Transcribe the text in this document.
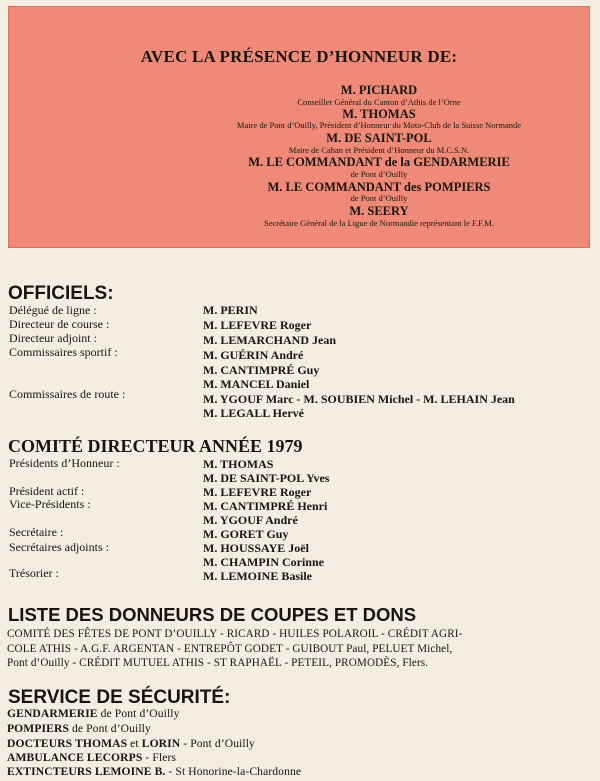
AVEC LA PRÉSENCE D’HONNEUR DE:
M. PICHARD
Conseiller Général du Canton d’Athis de l’Orne
M. THOMAS
Maire de Pont d’Ouilly, Président d’Honneur du Moto-Club de la Suisse Normande
M. DE SAINT-POL
Maire de Cahan et Président d’Honneur du M.C.S.N.
M. LE COMMANDANT de la GENDARMERIE
de Pont d’Ouilly
M. LE COMMANDANT des POMPIERS
de Pont d’Ouilly
M. SEERY
Secrétaire Général de la Ligue de Normandie représentant le F.F.M.
OFFICIELS:
Délégué de ligne :
Directeur de course :
Directeur adjoint :
Commissaires sportif :
Commissaires de route :
M. PERIN
M. LEFEVRE Roger
M. LEMARCHAND Jean
M. GUÉRIN André
M. CANTIMPRÉ Guy
M. MANCEL Daniel
M. YGOUF Marc - M. SOUBIEN Michel - M. LEHAIN Jean
M. LEGALL Hervé
COMITÉ DIRECTEUR ANNÉE 1979
Présidents d’Honneur :
Président actif :
Vice-Présidents :
Secrétaire :
Secrétaires adjoints :
Trésorier :
M. THOMAS
M. DE SAINT-POL Yves
M. LEFEVRE Roger
M. CANTIMPRÉ Henri
M. YGOUF André
M. GORET Guy
M. HOUSSAYE Joël
M. CHAMPIN Corinne
M. LEMOINE Basile
LISTE DES DONNEURS DE COUPES ET DONS
COMITÉ DES FÊTES DE PONT D’OUILLY - RICARD - HUILES POLAROIL - CRÉDIT AGRI-
COLE ATHIS - A.G.F. ARGENTAN - ENTREPÔT GODET - GUIBOUT Paul, PELUET Michel,
Pont d’Ouilly - CRÉDIT MUTUEL ATHIS - ST RAPHAËL - PETEIL, PROMODÈS, Flers.
SERVICE DE SÉCURITÉ:
GENDARMERIE de Pont d’Ouilly
POMPIERS de Pont d’Ouilly
DOCTEURS THOMAS et LORIN - Pont d’Ouilly
AMBULANCE LECORPS - Flers
EXTINCTEURS LEMOINE B. - St Honorine-la-Chardonne
